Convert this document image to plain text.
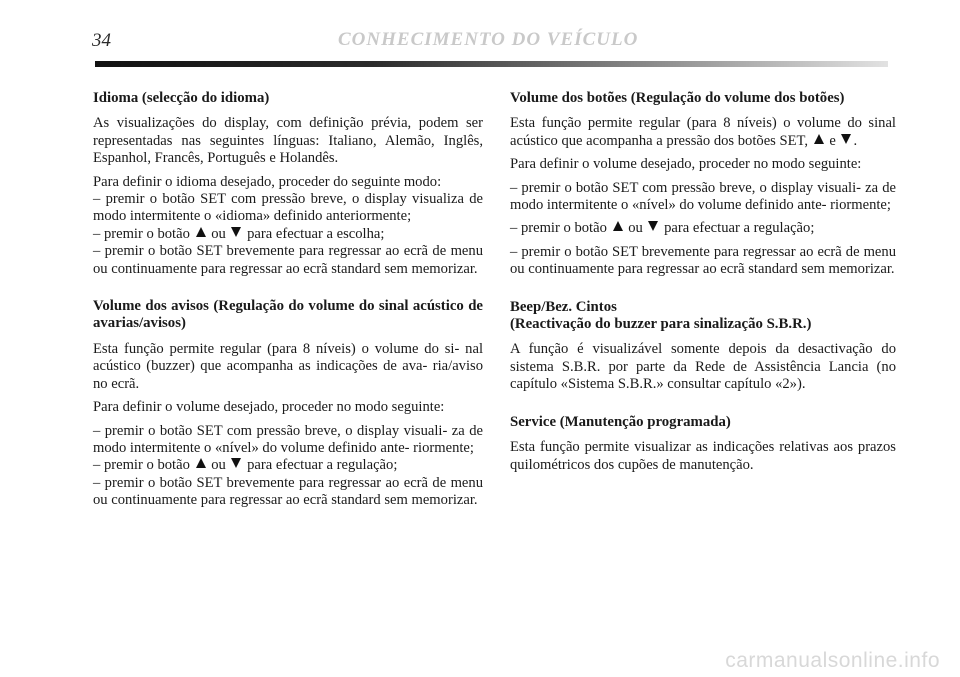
34	CONHECIMENTO DO VEÍCULO

Idioma (selecção do idioma)

As visualizações do display, com definição prévia, podem ser representadas nas seguintes línguas: Italiano, Alemão, Inglês, Espanhol, Francês, Português e Holandês.

Para definir o idioma desejado, proceder do seguinte modo:

– premir o botão SET com pressão breve, o display visualiza de modo intermitente o «idioma» definido anteriormente;

– premir o botão ou para efectuar a escolha;

– premir o botão SET brevemente para regressar ao ecrã de menu ou continuamente para regressar ao ecrã standard sem memorizar.

Volume dos avisos (Regulação do volume do sinal acústico de avarias/avisos)

Esta função permite regular (para 8 níveis) o volume do si- nal acústico (buzzer) que acompanha as indicações de ava- ria/aviso no ecrã.

Para definir o volume desejado, proceder no modo seguinte:

– premir o botão SET com pressão breve, o display visuali- za de modo intermitente o «nível» do volume definido ante- riormente;

– premir o botão ou para efectuar a regulação;

– premir o botão SET brevemente para regressar ao ecrã de menu ou continuamente para regressar ao ecrã standard sem memorizar.

Volume dos botões (Regulação do volume dos botões)

Esta função permite regular (para 8 níveis) o volume do sinal acústico que acompanha a pressão dos botões SET, e .

Para definir o volume desejado, proceder no modo seguinte:

– premir o botão SET com pressão breve, o display visuali- za de modo intermitente o «nível» do volume definido ante- riormente;

– premir o botão ou para efectuar a regulação;

– premir o botão SET brevemente para regressar ao ecrã de menu ou continuamente para regressar ao ecrã standard sem memorizar.

Beep/Bez. Cintos
(Reactivação do buzzer para sinalização S.B.R.)

A função é visualizável somente depois da desactivação do sistema S.B.R. por parte da Rede de Assistência Lancia (no capítulo «Sistema S.B.R.» consultar capítulo «2»).

Service (Manutenção programada)

Esta função permite visualizar as indicações relativas aos prazos quilométricos dos cupões de manutenção.

carmanualsonline.info
